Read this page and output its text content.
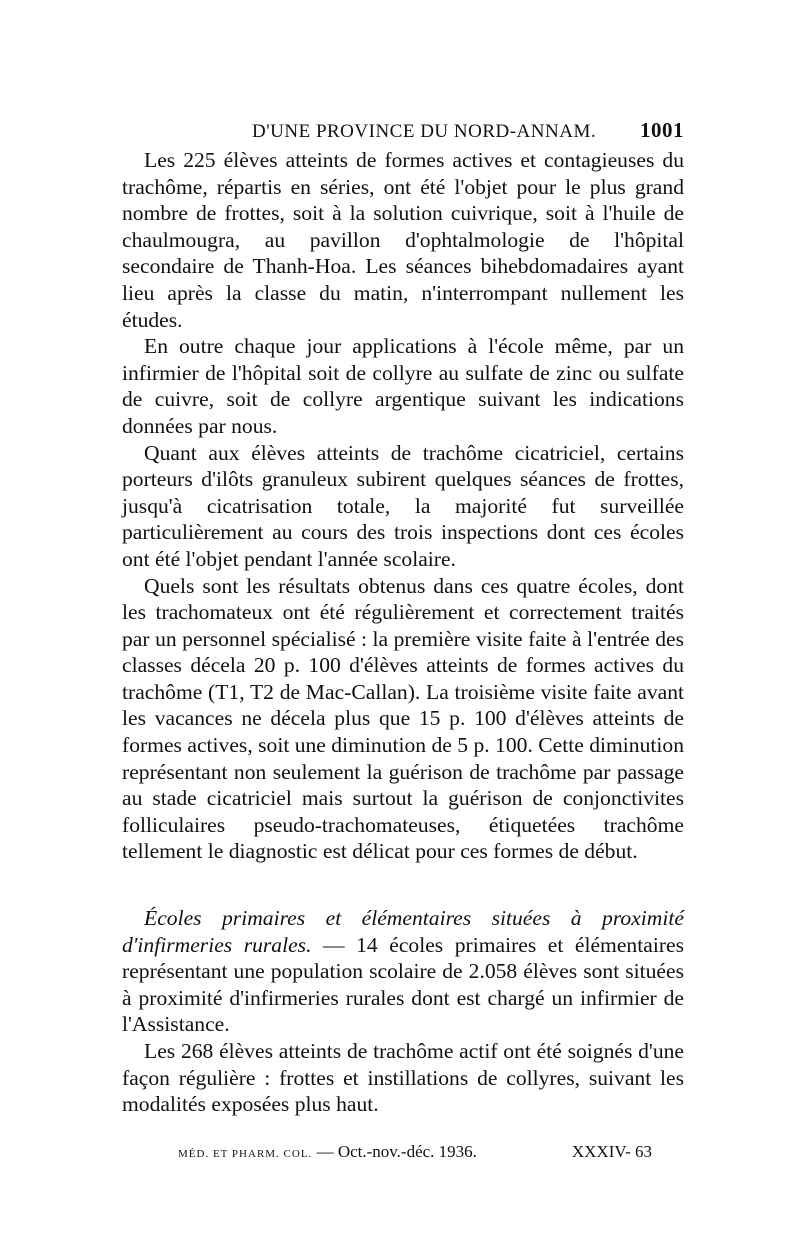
D'UNE PROVINCE DU NORD-ANNAM. 1001

Les 225 élèves atteints de formes actives et contagieuses du trachôme, répartis en séries, ont été l'objet pour le plus grand nombre de frottes, soit à la solution cuivrique, soit à l'huile de chaulmougra, au pavillon d'ophtalmologie de l'hôpital secondaire de Thanh-Hoa. Les séances bihebdomadaires ayant lieu après la classe du matin, n'interrompant nullement les études.

En outre chaque jour applications à l'école même, par un infirmier de l'hôpital soit de collyre au sulfate de zinc ou sulfate de cuivre, soit de collyre argentique suivant les indications données par nous.

Quant aux élèves atteints de trachôme cicatriciel, certains porteurs d'ilôts granuleux subirent quelques séances de frottes, jusqu'à cicatrisation totale, la majorité fut surveillée particulièrement au cours des trois inspections dont ces écoles ont été l'objet pendant l'année scolaire.

Quels sont les résultats obtenus dans ces quatre écoles, dont les trachomateux ont été régulièrement et correctement traités par un personnel spécialisé : la première visite faite à l'entrée des classes décela 20 p. 100 d'élèves atteints de formes actives du trachôme (T1, T2 de Mac-Callan). La troisième visite faite avant les vacances ne décela plus que 15 p. 100 d'élèves atteints de formes actives, soit une diminution de 5 p. 100. Cette diminution représentant non seulement la guérison de trachôme par passage au stade cicatriciel mais surtout la guérison de conjonctivites folliculaires pseudo-trachomateuses, étiquetées trachôme tellement le diagnostic est délicat pour ces formes de début.

Écoles primaires et élémentaires situées à proximité d'infirmeries rurales. — 14 écoles primaires et élémentaires représentant une population scolaire de 2.058 élèves sont situées à proximité d'infirmeries rurales dont est chargé un infirmier de l'Assistance.

Les 268 élèves atteints de trachôme actif ont été soignés d'une façon régulière : frottes et instillations de collyres, suivant les modalités exposées plus haut.

MÉD. ET PHARM. COL. — Oct.-nov.-déc. 1936.	XXXIV- 63
